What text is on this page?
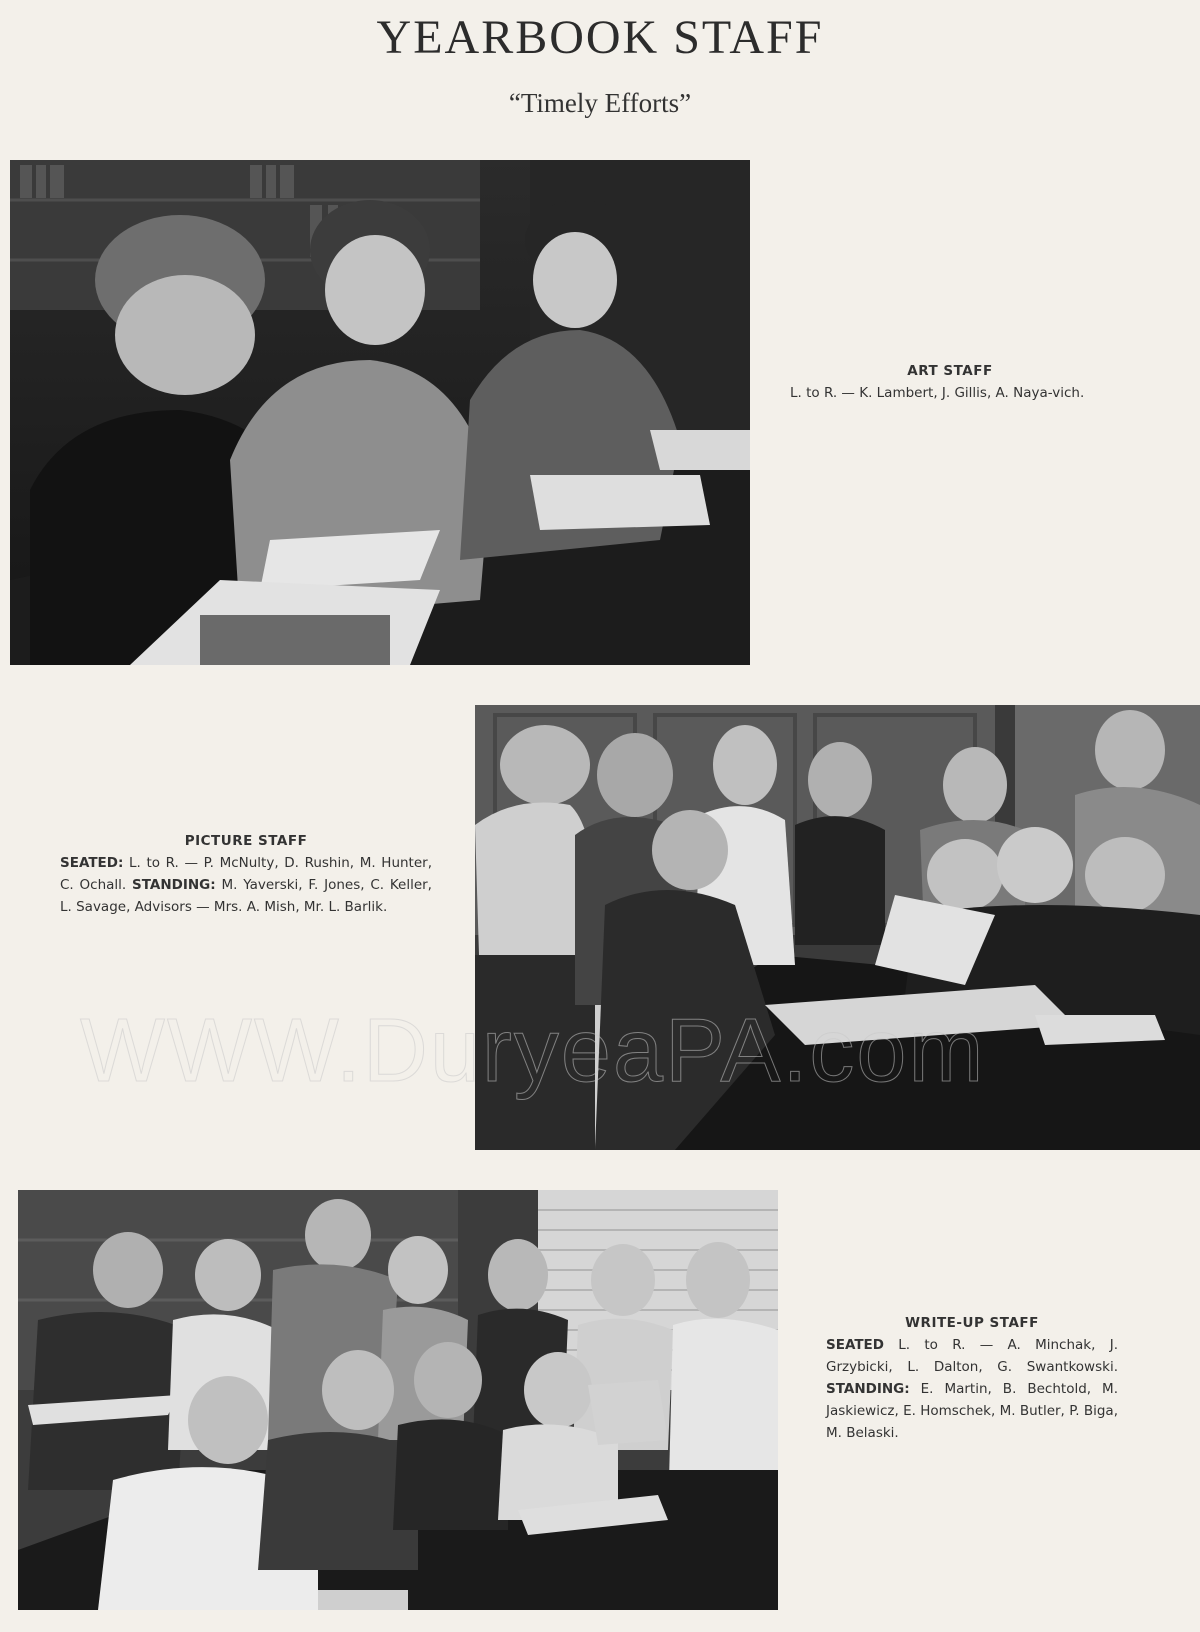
YEARBOOK STAFF

“Timely Efforts”

ART STAFF
L. to R. — K. Lambert, J. Gillis, A. Naya-vich.
PICTURE STAFF
SEATED: L. to R. — P. McNulty, D. Rushin, M. Hunter, C. Ochall. STANDING: M. Yaverski, F. Jones, C. Keller, L. Savage, Advisors — Mrs. A. Mish, Mr. L. Barlik.
WRITE-UP STAFF
SEATED L. to R. — A. Minchak, J. Grzybicki, L. Dalton, G. Swantkowski. STANDING: E. Martin, B. Bechtold, M. Jaskiewicz, E. Homschek, M. Butler, P. Biga, M. Belaski.
